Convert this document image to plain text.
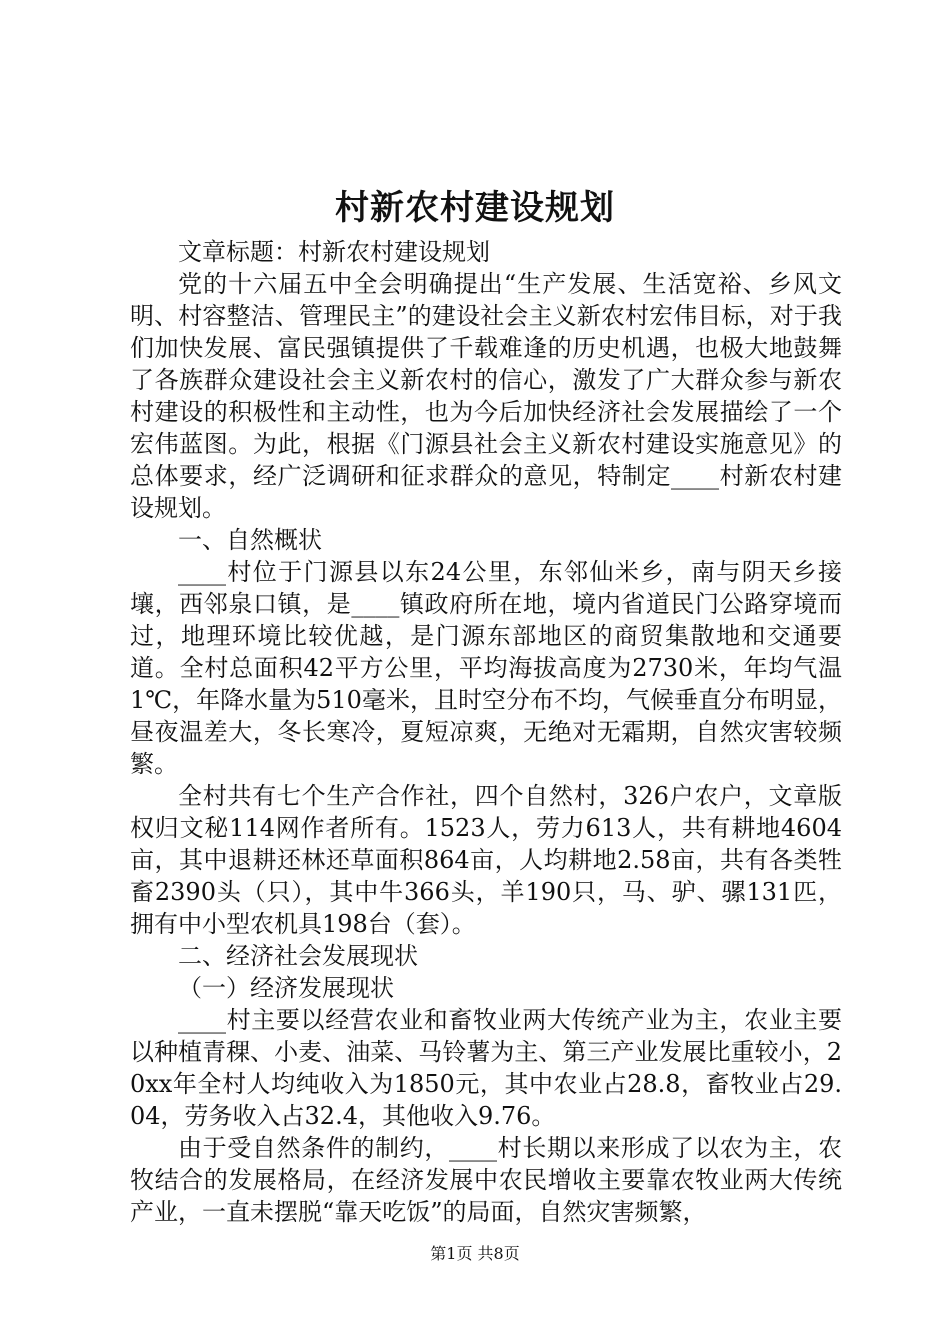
村新农村建设规划

文章标题：村新农村建设规划

党的十六届五中全会明确提出“生产发展、生活宽裕、乡风文明、村容整洁、管理民主”的建设社会主义新农村宏伟目标，对于我们加快发展、富民强镇提供了千载难逢的历史机遇，也极大地鼓舞了各族群众建设社会主义新农村的信心，激发了广大群众参与新农村建设的积极性和主动性，也为今后加快经济社会发展描绘了一个宏伟蓝图。为此，根据《门源县社会主义新农村建设实施意见》的总体要求，经广泛调研和征求群众的意见，特制定____村新农村建设规划。

一、自然概状

____村位于门源县以东24公里，东邻仙米乡，南与阴天乡接壤，西邻泉口镇，是____镇政府所在地，境内省道民门公路穿境而过，地理环境比较优越，是门源东部地区的商贸集散地和交通要道。全村总面积42平方公里，平均海拔高度为2730米，年均气温1℃，年降水量为510毫米，且时空分布不均，气候垂直分布明显，昼夜温差大，冬长寒冷，夏短凉爽，无绝对无霜期，自然灾害较频繁。

全村共有七个生产合作社，四个自然村，326户农户，文章版权归文秘114网作者所有。1523人，劳力613人，共有耕地4604亩，其中退耕还林还草面积864亩，人均耕地2.58亩，共有各类牲畜2390头（只），其中牛366头，羊190只，马、驴、骡131匹，拥有中小型农机具198台（套）。

二、经济社会发展现状

（一）经济发展现状

____村主要以经营农业和畜牧业两大传统产业为主，农业主要以种植青稞、小麦、油菜、马铃薯为主、第三产业发展比重较小，20xx年全村人均纯收入为1850元，其中农业占28.8，畜牧业占29.04，劳务收入占32.4，其他收入9.76。

由于受自然条件的制约，____村长期以来形成了以农为主，农牧结合的发展格局，在经济发展中农民增收主要靠农牧业两大传统产业，一直未摆脱“靠天吃饭”的局面，自然灾害频繁，

第1页 共8页
